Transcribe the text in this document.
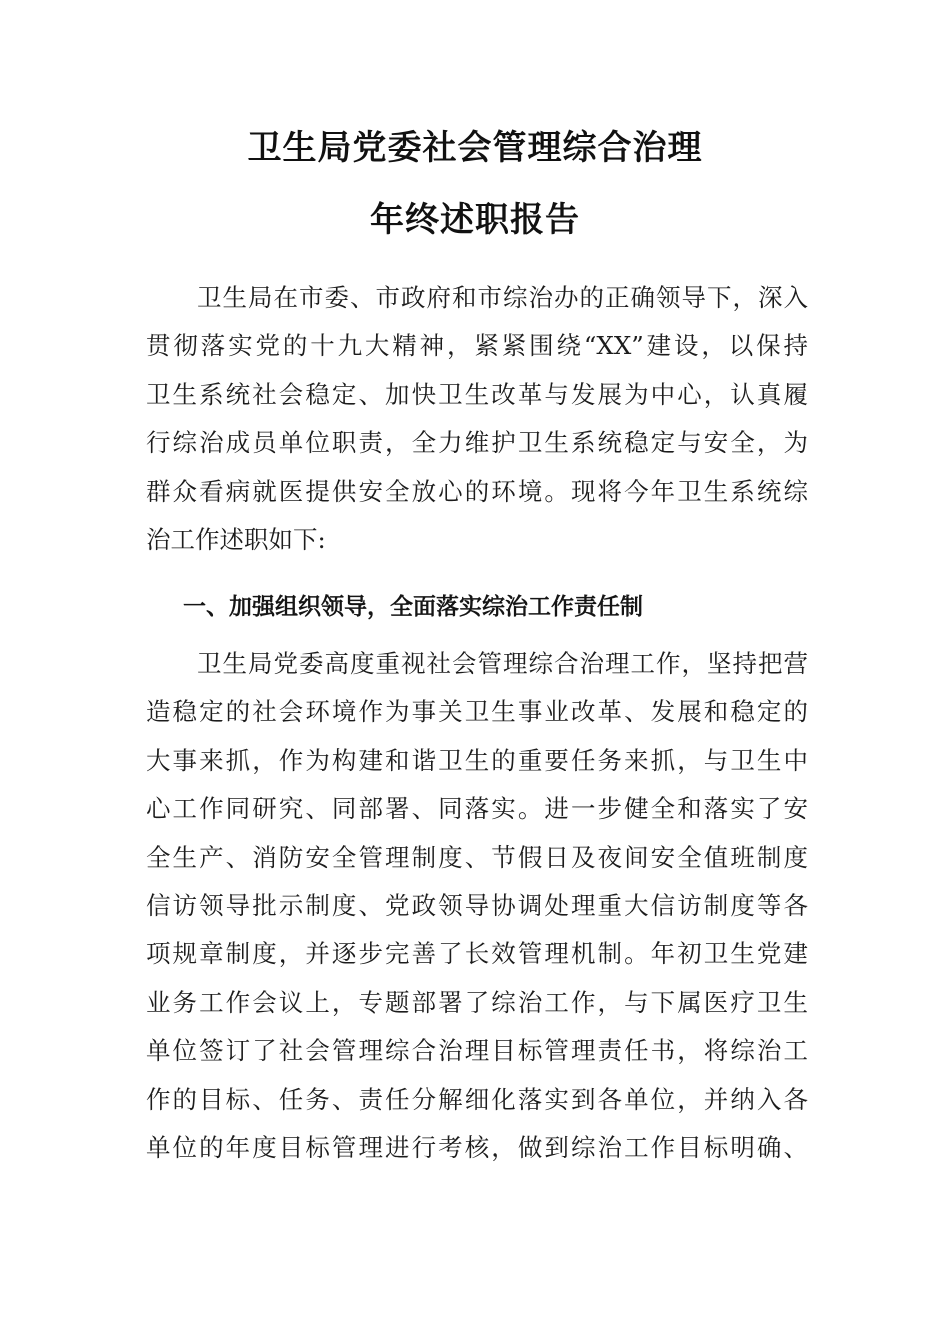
卫生局党委社会管理综合治理
年终述职报告
　　卫生局在市委、市政府和市综治办的正确领导下，深入
贯彻落实党的十九大精神，紧紧围绕“XX”建设，以保持
卫生系统社会稳定、加快卫生改革与发展为中心，认真履
行综治成员单位职责，全力维护卫生系统稳定与安全，为
群众看病就医提供安全放心的环境。现将今年卫生系统综
治工作述职如下:
一、加强组织领导，全面落实综治工作责任制
　　卫生局党委高度重视社会管理综合治理工作，坚持把营
造稳定的社会环境作为事关卫生事业改革、发展和稳定的
大事来抓，作为构建和谐卫生的重要任务来抓，与卫生中
心工作同研究、同部署、同落实。进一步健全和落实了安
全生产、消防安全管理制度、节假日及夜间安全值班制度
信访领导批示制度、党政领导协调处理重大信访制度等各
项规章制度，并逐步完善了长效管理机制。年初卫生党建
业务工作会议上，专题部署了综治工作，与下属医疗卫生
单位签订了社会管理综合治理目标管理责任书，将综治工
作的目标、任务、责任分解细化落实到各单位，并纳入各
单位的年度目标管理进行考核，做到综治工作目标明确、
